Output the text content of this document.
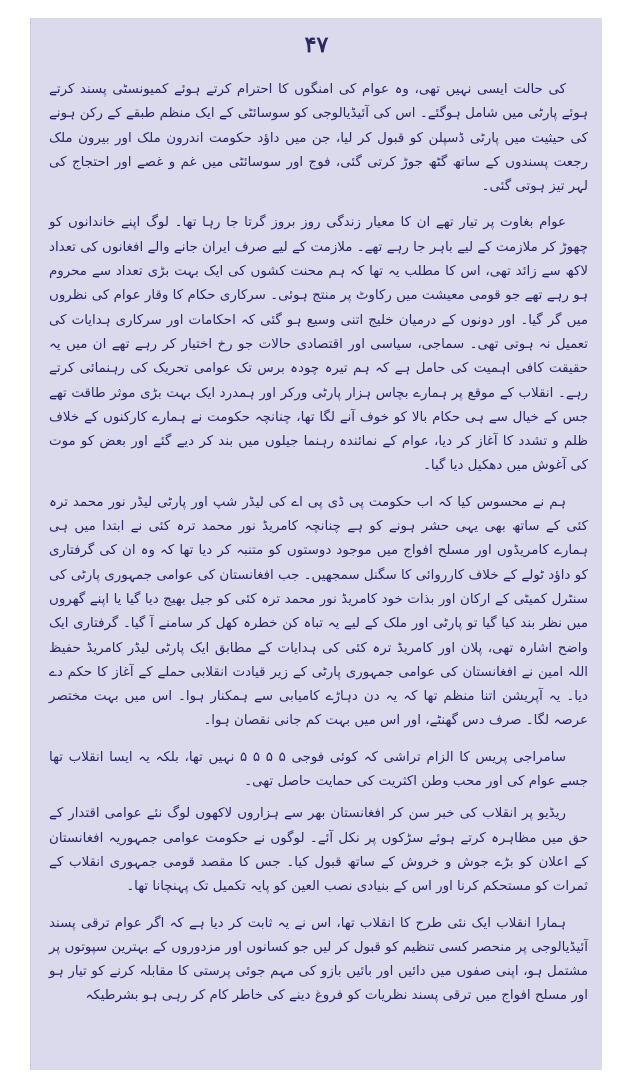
۴۷

کی حالت ایسی نہیں تھی، وہ عوام کی امنگوں کا احترام کرتے ہوئے کمیونسٹی پسند کرتے ہوئے پارٹی میں شامل ہوگئے۔ اس کی آئیڈیالوجی کو سوسائٹی کے ایک منظم طبقے کے رکن ہونے کی حیثیت میں پارٹی ڈسپلن کو قبول کر لیا، جن میں داؤد حکومت اندرون ملک اور بیرون ملک رجعت پسندوں کے ساتھ گٹھ جوڑ کرتی گئی، فوج اور سوسائٹی میں غم و غصے اور احتجاج کی لہر تیز ہوتی گئی۔

عوام بغاوت پر تیار تھے ان کا معیار زندگی روز بروز گرتا جا رہا تھا۔ لوگ اپنے خاندانوں کو چھوڑ کر ملازمت کے لیے باہر جا رہے تھے۔ ملازمت کے لیے صرف ایران جانے والے افغانوں کی تعداد لاکھ سے زائد تھی، اس کا مطلب یہ تھا کہ ہم محنت کشوں کی ایک بہت بڑی تعداد سے محروم ہو رہے تھے جو قومی معیشت میں رکاوٹ پر منتج ہوئی۔ سرکاری حکام کا وقار عوام کی نظروں میں گر گیا۔ اور دونوں کے درمیان خلیج اتنی وسیع ہو گئی کہ احکامات اور سرکاری ہدایات کی تعمیل نہ ہوتی تھی۔ سماجی، سیاسی اور اقتصادی حالات جو رخ اختیار کر رہے تھے ان میں یہ حقیقت کافی اہمیت کی حامل ہے کہ ہم تیرہ چودہ برس تک عوامی تحریک کی رہنمائی کرتے رہے۔ انقلاب کے موقع پر ہمارے بچاس ہزار پارٹی ورکر اور ہمدرد ایک بہت بڑی موثر طاقت تھے جس کے خیال سے ہی حکام بالا کو خوف آنے لگا تھا، چنانچہ حکومت نے ہمارے کارکنوں کے خلاف ظلم و تشدد کا آغاز کر دیا، عوام کے نمائندہ رہنما جیلوں میں بند کر دیے گئے اور بعض کو موت کی آغوش میں دھکیل دیا گیا۔

ہم نے محسوس کیا کہ اب حکومت پی ڈی پی اے کی لیڈر شپ اور پارٹی لیڈر نور محمد ترہ کئی کے ساتھ بھی یہی حشر ہونے کو ہے چنانچہ کامریڈ نور محمد ترہ کئی نے ابتدا میں ہی ہمارے کامریڈوں اور مسلح افواج میں موجود دوستوں کو متنبہ کر دیا تھا کہ وہ ان کی گرفتاری کو داؤد ٹولے کے خلاف کارروائی کا سگنل سمجھیں۔ جب افغانستان کی عوامی جمہوری پارٹی کی سنٹرل کمیٹی کے ارکان اور بذات خود کامریڈ نور محمد ترہ کئی کو جیل بھیج دیا گیا یا اپنے گھروں میں نظر بند کیا گیا تو پارٹی اور ملک کے لیے یہ تباہ کن خطرہ کھل کر سامنے آ گیا۔ گرفتاری ایک واضح اشارہ تھی، پلان اور کامریڈ ترہ کئی کی ہدایات کے مطابق ایک پارٹی لیڈر کامریڈ حفیظ اللہ امین نے افغانستان کی عوامی جمہوری پارٹی کے زیر قیادت انقلابی حملے کے آغاز کا حکم دے دیا۔ یہ آپریشن اتنا منظم تھا کہ یہ دن دہاڑے کامیابی سے ہمکنار ہوا۔ اس میں بہت مختصر عرصہ لگا۔ صرف دس گھنٹے، اور اس میں بہت کم جانی نقصان ہوا۔

سامراجی پریس کا الزام تراشی کہ کوئی فوجی ۵ ۵ ۵ ۵ نہیں تھا، بلکہ یہ ایسا انقلاب تھا جسے عوام کی اور محب وطن اکثریت کی حمایت حاصل تھی۔

ریڈیو پر انقلاب کی خبر سن کر افغانستان بھر سے ہزاروں لاکھوں لوگ نئے عوامی اقتدار کے حق میں مظاہرہ کرتے ہوئے سڑکوں پر نکل آئے۔ لوگوں نے حکومت عوامی جمہوریہ افغانستان کے اعلان کو بڑے جوش و خروش کے ساتھ قبول کیا۔ جس کا مقصد قومی جمہوری انقلاب کے ثمرات کو مستحکم کرنا اور اس کے بنیادی نصب العین کو پایہ تکمیل تک پہنچانا تھا۔

ہمارا انقلاب ایک نئی طرح کا انقلاب تھا، اس نے یہ ثابت کر دیا ہے کہ اگر عوام ترقی پسند آئیڈیالوجی پر منحصر کسی تنظیم کو قبول کر لیں جو کسانوں اور مزدوروں کے بہترین سپوتوں پر مشتمل ہو، اپنی صفوں میں دائیں اور بائیں بازو کی مہم جوئی پرستی کا مقابلہ کرنے کو تیار ہو اور مسلح افواج میں ترقی پسند نظریات کو فروغ دینے کی خاطر کام کر رہی ہو بشرطیکہ
